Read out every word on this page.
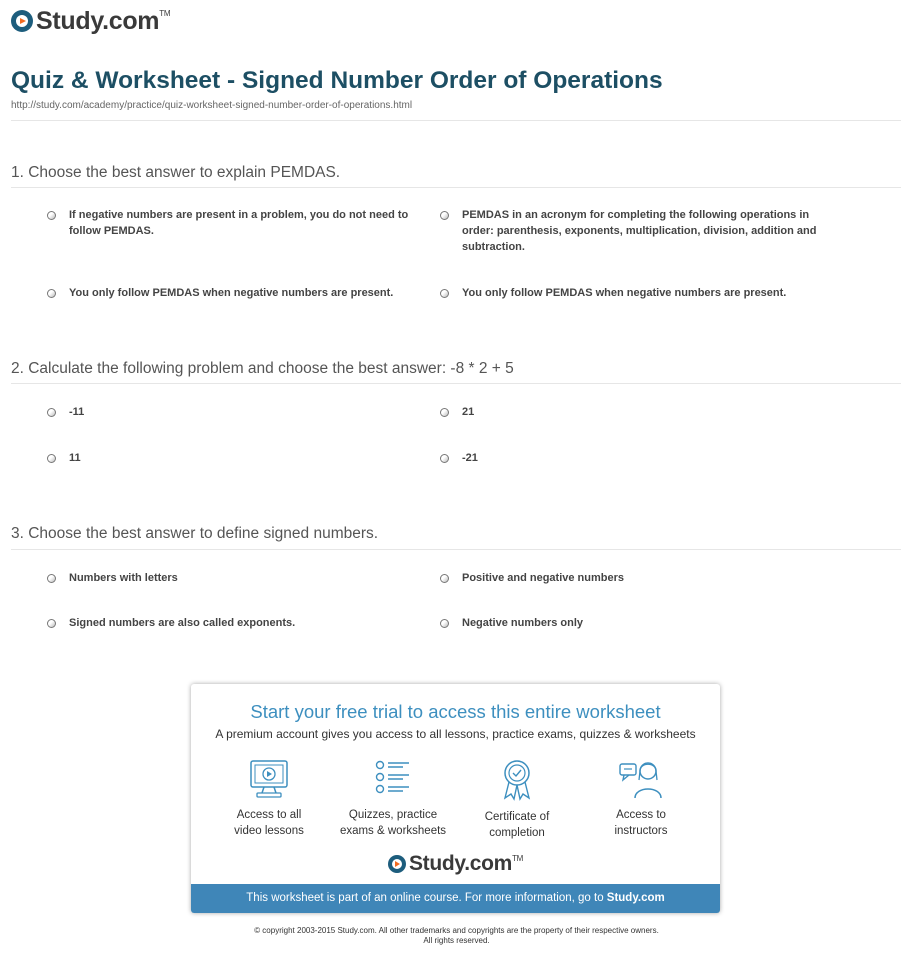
Study.com™
Quiz & Worksheet - Signed Number Order of Operations
http://study.com/academy/practice/quiz-worksheet-signed-number-order-of-operations.html
1. Choose the best answer to explain PEMDAS.
If negative numbers are present in a problem, you do not need to follow PEMDAS.
PEMDAS in an acronym for completing the following operations in order: parenthesis, exponents, multiplication, division, addition and subtraction.
You only follow PEMDAS when negative numbers are present.	You only follow PEMDAS when negative numbers are present.
2. Calculate the following problem and choose the best answer: -8 * 2 + 5
-11	21
11	-21
3. Choose the best answer to define signed numbers.
Numbers with letters	Positive and negative numbers
Signed numbers are also called exponents.	Negative numbers only
Start your free trial to access this entire worksheet
A premium account gives you access to all lessons, practice exams, quizzes & worksheets
Access to all
video lessons
Quizzes, practice
exams & worksheets
Certificate of
completion
Access to
instructors
Study.com™
This worksheet is part of an online course. For more information, go to Study.com
© copyright 2003-2015 Study.com. All other trademarks and copyrights are the property of their respective owners.
All rights reserved.
